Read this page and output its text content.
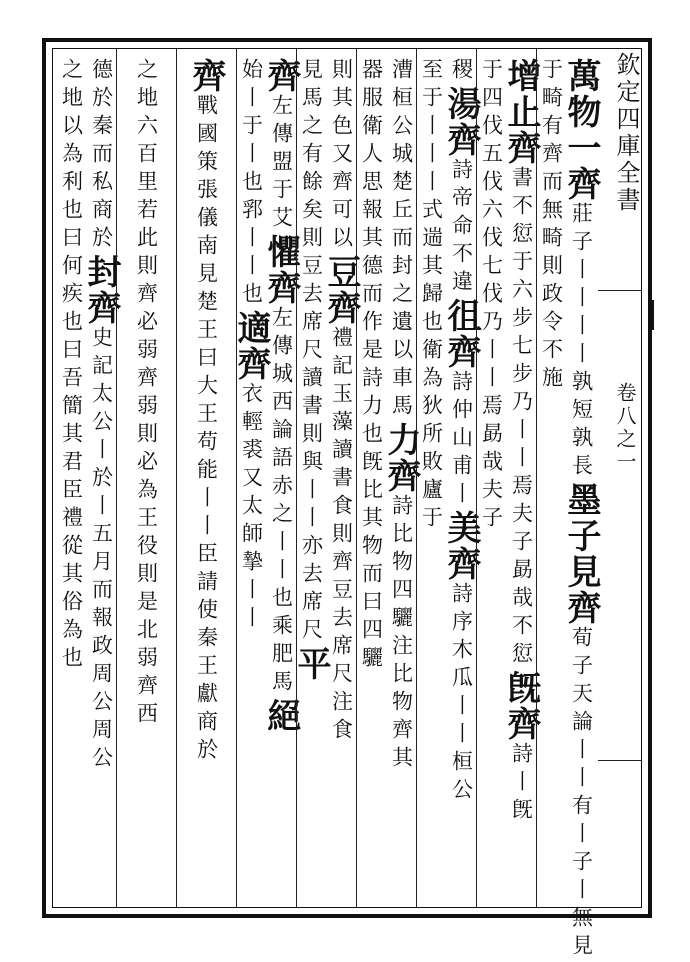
欽定四庫全書
卷八之一
萬物一齊
莊子丨丨丨
丨孰短孰長
墨子見齊
荀子天論丨丨有丨子丨無見
于畸有齊而無畸則政令不施
增止齊
書不愆于六步七步乃丨丨焉夫子勗哉不愆
旣齊
詩丨旣
于四伐五伐六伐七伐乃丨丨焉勗哉夫子
稷
湯齊
詩帝命不違
徂齊
詩仲山甫丨
美齊
詩序木瓜丨丨桓公
至于丨丨
丨式遄其歸
也衛為狄所敗廬于
漕桓公城楚丘而封之遺以車馬
力齊
詩比物四驪注比物齊其
器服衛人思報其德而作是詩
力也旣比其物而曰四驪
則其色又齊可以
豆齊
禮記玉藻讀書食則齊豆去席尺注食
見馬之有餘矣
則豆去席尺讀書則與丨丨亦去席尺
平
齊
左傳盟于艾
懼齊
左傳城西
論語赤之丨丨也乘肥馬
絕
始丨于丨也
郛丨丨也
適齊
衣輕裘又太師摯丨丨
齊
戰國策張儀南見楚王曰大王苟能丨丨臣請使秦王獻商於
之地六百里若此則齊必弱齊弱則必為王役則是北弱齊西
德於秦而私商於
封齊
史記太公丨於丨五月而報政周公周公
之地以為利也
曰何疾也曰吾簡其君臣禮從其俗為也
